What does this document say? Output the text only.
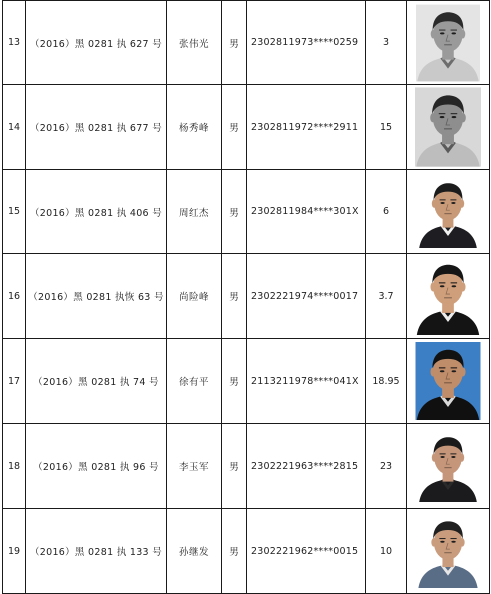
13	（2016）黑 0281 执 627 号	张伟光	男	2302811973****0259	3	

14	（2016）黑 0281 执 677 号	杨秀峰	男	2302811972****2911	15	

15	（2016）黑 0281 执 406 号	周红杰	男	2302811984****301X	6	

16	（2016）黑 0281 执恢 63 号	尚险峰	男	2302221974****0017	3.7	

17	（2016）黑 0281 执 74 号	徐有平	男	2113211978****041X	18.95	

18	（2016）黑 0281 执 96 号	李玉军	男	2302221963****2815	23	

19	（2016）黑 0281 执 133 号	孙继发	男	2302221962****0015	10	
